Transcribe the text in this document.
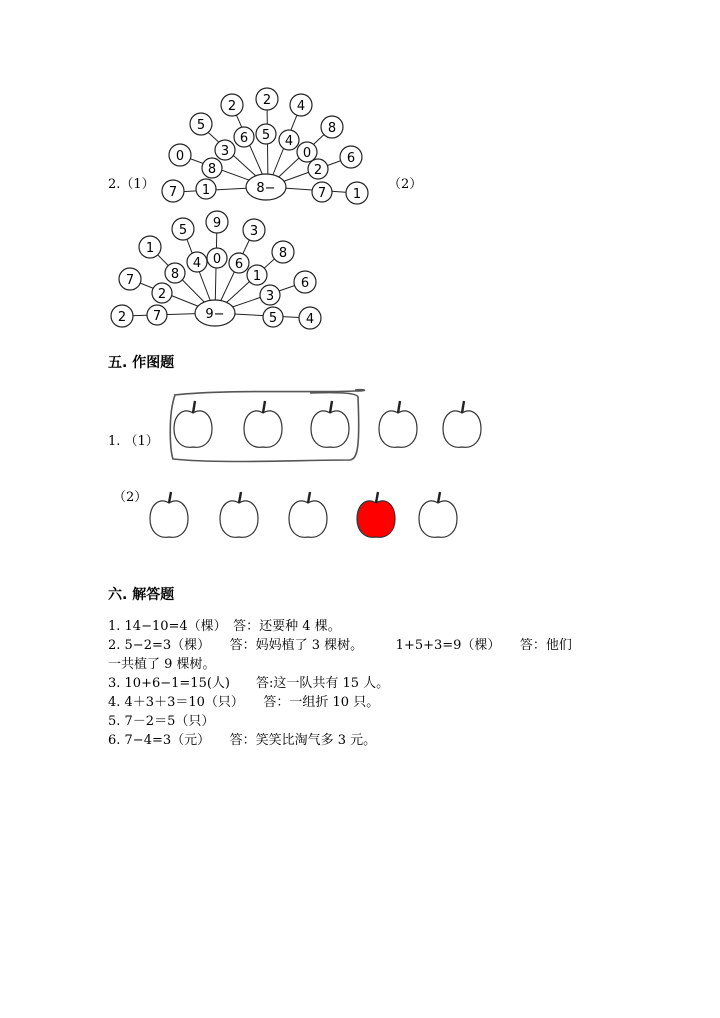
2.（1）	（2）
7
0
5
2 2 4
8
6
1
8
3
6 5 4
0
2
7 1
8−
2
7
1
5 9
3
8
6
4
7
2
8
4 0 6
1
3
5
9−
五. 作图题
1. （1）
（2）
六. 解答题
1. 14−10=4（棵）　答：还要种 4 棵。
2. 5−2=3（棵）　　答：妈妈植了 3 棵树。　　　1+5+3=9（棵）　　答：他们
一共植了 9 棵树。
3. 10+6−1=15(人)　　答:这一队共有 15 人。
4. 4＋3＋3＝10（只）　　答：一组折 10 只。
5. 7－2＝5（只）
6. 7−4=3（元）　　答：笑笑比淘气多 3 元。
